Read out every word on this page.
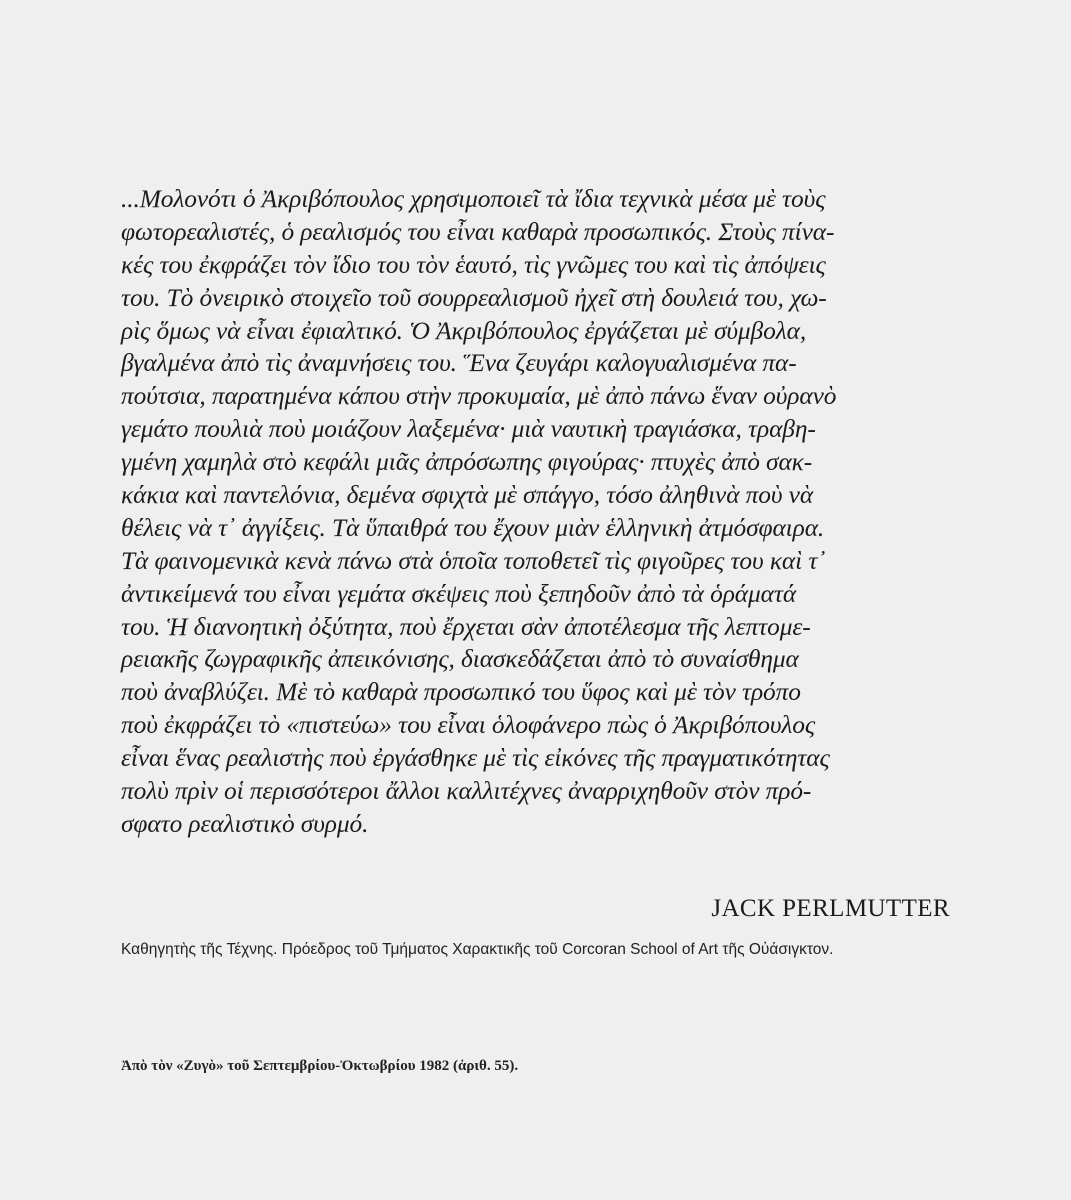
...Μολονότι ὁ Ἀκριβόπουλος χρησιμοποιεῖ τὰ ἴδια τεχνικὰ μέσα μὲ τοὺς
φωτορεαλιστές, ὁ ρεαλισμός του εἶναι καθαρὰ προσωπικός. Στοὺς πίνα-
κές του ἐκφράζει τὸν ἴδιο του τὸν ἑαυτό, τὶς γνῶμες του καὶ τὶς ἀπόψεις
του. Τὸ ὀνειρικὸ στοιχεῖο τοῦ σουρρεαλισμοῦ ἠχεῖ στὴ δουλειά του, χω-
ρὶς ὅμως νὰ εἶναι ἐφιαλτικό. Ὁ Ἀκριβόπουλος ἐργάζεται μὲ σύμβολα,
βγαλμένα ἀπὸ τὶς ἀναμνήσεις του. Ἕνα ζευγάρι καλογυαλισμένα πα-
πούτσια, παρατημένα κάπου στὴν προκυμαία, μὲ ἀπὸ πάνω ἕναν οὐρανὸ
γεμάτο πουλιὰ ποὺ μοιάζουν λαξεμένα· μιὰ ναυτικὴ τραγιάσκα, τραβη-
γμένη χαμηλὰ στὸ κεφάλι μιᾶς ἀπρόσωπης φιγούρας· πτυχὲς ἀπὸ σακ-
κάκια καὶ παντελόνια, δεμένα σφιχτὰ μὲ σπάγγο, τόσο ἀληθινὰ ποὺ νὰ
θέλεις νὰ τ᾿ ἀγγίξεις. Τὰ ὕπαιθρά του ἔχουν μιὰν ἑλληνικὴ ἀτμόσφαιρα.
Τὰ φαινομενικὰ κενὰ πάνω στὰ ὁποῖα τοποθετεῖ τὶς φιγοῦρες του καὶ τ᾿
ἀντικείμενά του εἶναι γεμάτα σκέψεις ποὺ ξεπηδοῦν ἀπὸ τὰ ὁράματά
του. Ἡ διανοητικὴ ὀξύτητα, ποὺ ἔρχεται σὰν ἀποτέλεσμα τῆς λεπτομε-
ρειακῆς ζωγραφικῆς ἀπεικόνισης, διασκεδάζεται ἀπὸ τὸ συναίσθημα
ποὺ ἀναβλύζει. Μὲ τὸ καθαρὰ προσωπικό του ὕφος καὶ μὲ τὸν τρόπο
ποὺ ἐκφράζει τὸ «πιστεύω» του εἶναι ὁλοφάνερο πὼς ὁ Ἀκριβόπουλος
εἶναι ἕνας ρεαλιστὴς ποὺ ἐργάσθηκε μὲ τὶς εἰκόνες τῆς πραγματικότητας
πολὺ πρὶν οἱ περισσότεροι ἄλλοι καλλιτέχνες ἀναρριχηθοῦν στὸν πρό-
σφατο ρεαλιστικὸ συρμό.

JACK PERLMUTTER

Καθηγητὴς τῆς Τέχνης. Πρόεδρος τοῦ Τμήματος Χαρακτικῆς τοῦ Corcoran School of Art τῆς Οὐάσιγκτον.

Ἀπὸ τὸν «Ζυγὸ» τοῦ Σεπτεμβρίου-Ὀκτωβρίου 1982 (ἀριθ. 55).
